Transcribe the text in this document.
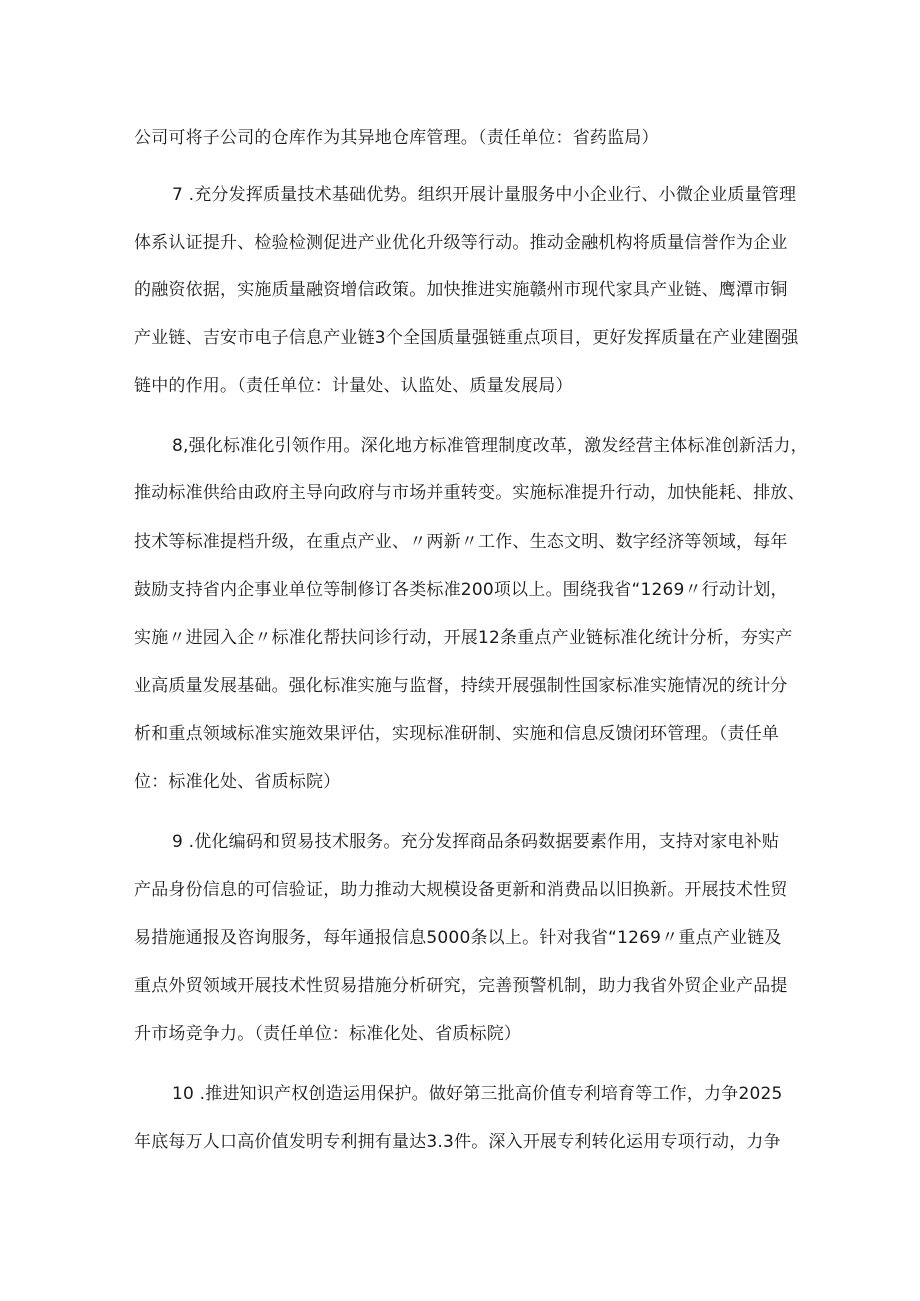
公司可将子公司的仓库作为其异地仓库管理。（责任单位：省药监局）
7 .充分发挥质量技术基础优势。组织开展计量服务中小企业行、小微企业质量管理
体系认证提升、检验检测促进产业优化升级等行动。推动金融机构将质量信誉作为企业
的融资依据，实施质量融资增信政策。加快推进实施赣州市现代家具产业链、鹰潭市铜
产业链、吉安市电子信息产业链3个全国质量强链重点项目，更好发挥质量在产业建圈强
链中的作用。（责任单位：计量处、认监处、质量发展局）
8,强化标准化引领作用。深化地方标准管理制度改革，激发经营主体标准创新活力，
推动标准供给由政府主导向政府与市场并重转变。实施标准提升行动，加快能耗、排放、
技术等标准提档升级，在重点产业、〃两新〃工作、生态文明、数字经济等领域，每年
鼓励支持省内企事业单位等制修订各类标准200项以上。围绕我省“1269〃行动计划，
实施〃进园入企〃标准化帮扶问诊行动，开展12条重点产业链标准化统计分析，夯实产
业高质量发展基础。强化标准实施与监督，持续开展强制性国家标准实施情况的统计分
析和重点领域标准实施效果评估，实现标准研制、实施和信息反馈闭环管理。（责任单
位：标准化处、省质标院）
9 .优化编码和贸易技术服务。充分发挥商品条码数据要素作用，支持对家电补贴
产品身份信息的可信验证，助力推动大规模设备更新和消费品以旧换新。开展技术性贸
易措施通报及咨询服务，每年通报信息5000条以上。针对我省“1269〃重点产业链及
重点外贸领域开展技术性贸易措施分析研究，完善预警机制，助力我省外贸企业产品提
升市场竞争力。（责任单位：标准化处、省质标院）
10 .推进知识产权创造运用保护。做好第三批高价值专利培育等工作，力争2025
年底每万人口高价值发明专利拥有量达3.3件。深入开展专利转化运用专项行动，力争
